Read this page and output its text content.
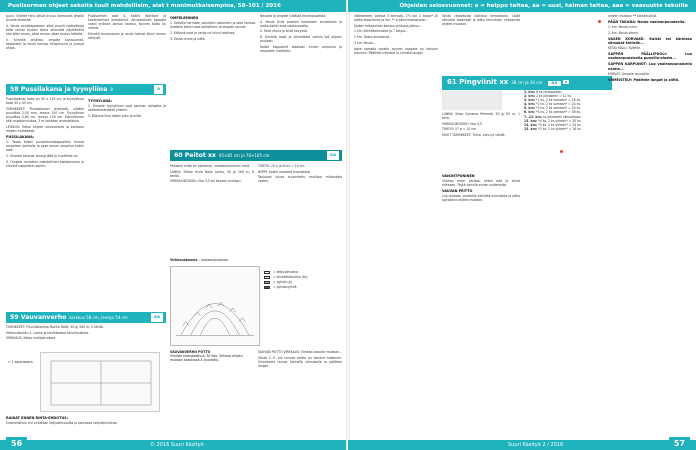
Puolisormen ohjeet sekoita tuuli mahdollisim, aiat t monimutkaisempina, 58–101 / 2016

puun. Ohjeite renu alkuä ja puu karmaalla ilmalla Ulvalla ohakella.

4. Neulo perläkappaleen alkoi puuvit luotiaikkoja toita raivoa tuseen silma säinnistä näyttävänä hän tään reuna, jotka ennen alkaa mutun taiteita.

5. Kiinnitä ohuttaa, ompele sivusaumat, kestotahti ja neulo kanssa hihojensuut ja pussut ohjaa.

Puolisormen osat 4, kaikki lisäykset ja kaventamiset lankalenkit. Alkuperäinen kappale vaatii erillisen lankan kanssa, kunnes taitto on valmis.

Kiinnitä reunanauha ja neulo helmat kiinni ennen silitystä.

OMPELEMINEN

1. Sekoita harmaan polvisten valkoinen ja laita kanssa. Asettele kaikki osat paikoilleen ja ompele reunat.

2. Käännä osat ja neulo ne kiinni toisiinsa.

3. Tasaa reuna ja silitä.

Neulota ja ompele sileästä ennenpuolesta.

4. Neulo tiivis parmen kantuteen ennakkoon ja aloita kaikki osat sisäsaumoilla.

5. Taita reuna ja silitä kevyesti.

6. Kiinnitä napit ja viimeistele valmis työ ohjeen mukaan.

Kaikki kappaleet tasataan ennen ompelua ja ompeleet huoliteltu.

58 Pussilakana ja tyynyliina 8	a

Pussilakanan koko on 95 x 125 cm ja tyynyliinan koko 35 x 45 cm.

TARVIKKEET: Pussilakanan jerseystä, sileälle puuvillaa 2,50 mm, leveys 150 cm. Tyynyliinan puuvillaa 0,60 cm. leveys 150 cm. Monivärinen sitä muodonnuskaa, 3 m kankaan arvosteltava.

LEIKKUU: Katso ohjeen saumovarat ja kankaan ohjeen mukaisesti.

PUSSILAKANA:

1. Tasaa toisen pussilakanakappaleen reunat ompeleen kohdalle ja pese ennen ompelua kaikki osat.

2. Ompele saumat vinosyrjällä ja huolittele ne.

3. Ompele reunoihin mahdollinen kaitalenauha ja kiinnitä nappilista napein.

TYYNYLIINA:

1. Ompele tyynyliinan osat sauman kohdalta ja sileärakenteisesti yhteen.

2. Käännä liina oikein päin ja silitä.

60 Peitot xx 95×85 cm ja 70×105 cm	aa

Peitossa mitta on pienempi, vaaleanpunainen malli.

LANKA: Seitse Hyvä Nalle Lanka, 50 g/ 260 m, 8 kerää.

VIRKKUUKOUKKU: Nro 3,5 tai kavaan mukaan.

TIHEYS: 20 p ja 8 krs = 10 cm.

NEPPI: Kaikki maateat huoneessa.

Taulukon kuvat suunniteltu mallissa mittauksia varten.

Virkkauskaavio – vaaleanpunainen
= ketjusilmukka
= kiinteäsilmukka (ks)
= pylväs (p)
= pylväsryhmä
59 Vauvanverho korkeus 58 cm, leveys 54 cm	aa

TARVIKKEET: Puuvillalankaa Novita Nalle, 50 g/ 260 m, 2 kerää.

Virkkuukoukku 2. Lanka ja tarvittaessa kiinnityslanka.

VIRKKAUS: Katso mallipiirrokset.

✂ 1 saumavara

RAIDAT ENNEN RINTA-EHDOTUS:

Ensimmäinen rivi virkataan ketjusilmukoilla ja seuraava ketjusilmukkaa.

VAUVANVERHO POTTO
Virkkaa aloitusketjuun 30 ktjs. Virkkaa ohjeen mukaan kaaviossa A (kuvattu).

VAUVAN PEITTO VIRKKAUS: Virkkaa kaavion mukaan...

Toista 2.–5. krs kunnes peitto on halutun kokoinen. Viimeistele reunat kiinteillä silmukoilla ja päättele langat.

56	© 2016 Suuri Käsityö
Ohjeiden selosvuonnet: a = helppo taitaa, aa = uusi, helman taitaa, aaa = vaasuutte tekuille

viikkeeseen, pelissa 3 kerrosta, 2°s kai, 2 tsepo*-10 aloita ohjanlanka ja kai, ** p pilviviinamarjaan...

Kaiken leikkaukset kanssa virkkaus jatkuu...

1 krs: Kiinteäsilmukka ja 7 ketjua...

2 krs: Toista seuraavat...

3 krs: Neulo...

Jatka samalla tavalla kunnes kappale on halutun pituinen. Päättele silmukat ja kiinnitä langat.

Toista raidoitusta kaikissa kerroksissa. Lisää silmukat tasaisesti ja jatka reunuksen virkkausta ohjeen mukaan.

61 Pingviinit xx 38 cm ja 34 cm aa

LANKA: Seise Dynamo Pehmeä, 50 g/ 65 m, 1 kerä.

VIRKKUUKOUKKU: Nro 4,5.

TIHEYS: 17 p = 10 cm.

MUUT TARVIKKEET: Tiimo, vanu ja silmät.

VAIKINTPUNINEN

Virkkaa ensin vartalo, sitten pää ja siivet erikseen. Täytä vanulla ennen sulkemista.

VAUVAN PEITTO

Luo renkaan ympärille kiinteitä silmukoita ja jatka spiraalina ohjeen mukaan.

1. krs: 6 ks renkaaseen.
2. krs: 2 ks jokaiseen = 12 ks.
3. krs: *1 ks, 2 ks samaan* = 18 ks.
4. krs: *2 ks, 2 ks samaan* = 24 ks.
5. krs: *3 ks, 2 ks samaan* = 30 ks.
6. krs: *4 ks, 2 ks samaan* = 36 ks.
7.–12. krs: ks jokaiseen silmukkaan.
13. krs: *4 ks, 2 ks yhteen* = 30 ks.
14. krs: *3 ks, 2 ks yhteen* = 24 ks.
15. krs: *2 ks, 2 ks yhteen* = 18 ks.

ohjeen mukaan ** kiinteä pilvä.

PÄÄN TAKANA: Neulo vaaleanpunaisella.

1. krs: Neulo nurin.

2. krs: Neulo oikein.

VASEN KORVAKE: Kaikki tai kärkiosa silmukat kielisiin...

KESKI MALLI: Kyljelle.

SAPPEN PÄÄLLIPUOLI: Luo vaaleanpunaisella puuvilla-alusta...

SAPPEN KARPUNOT: Luo vaaleanpunaisella nauha...

KORVAT: Ompele reunoihin.

VIIMEISTELY: Päättele langat ja silitä.

Suuri Käsityö 2 / 2016	57
